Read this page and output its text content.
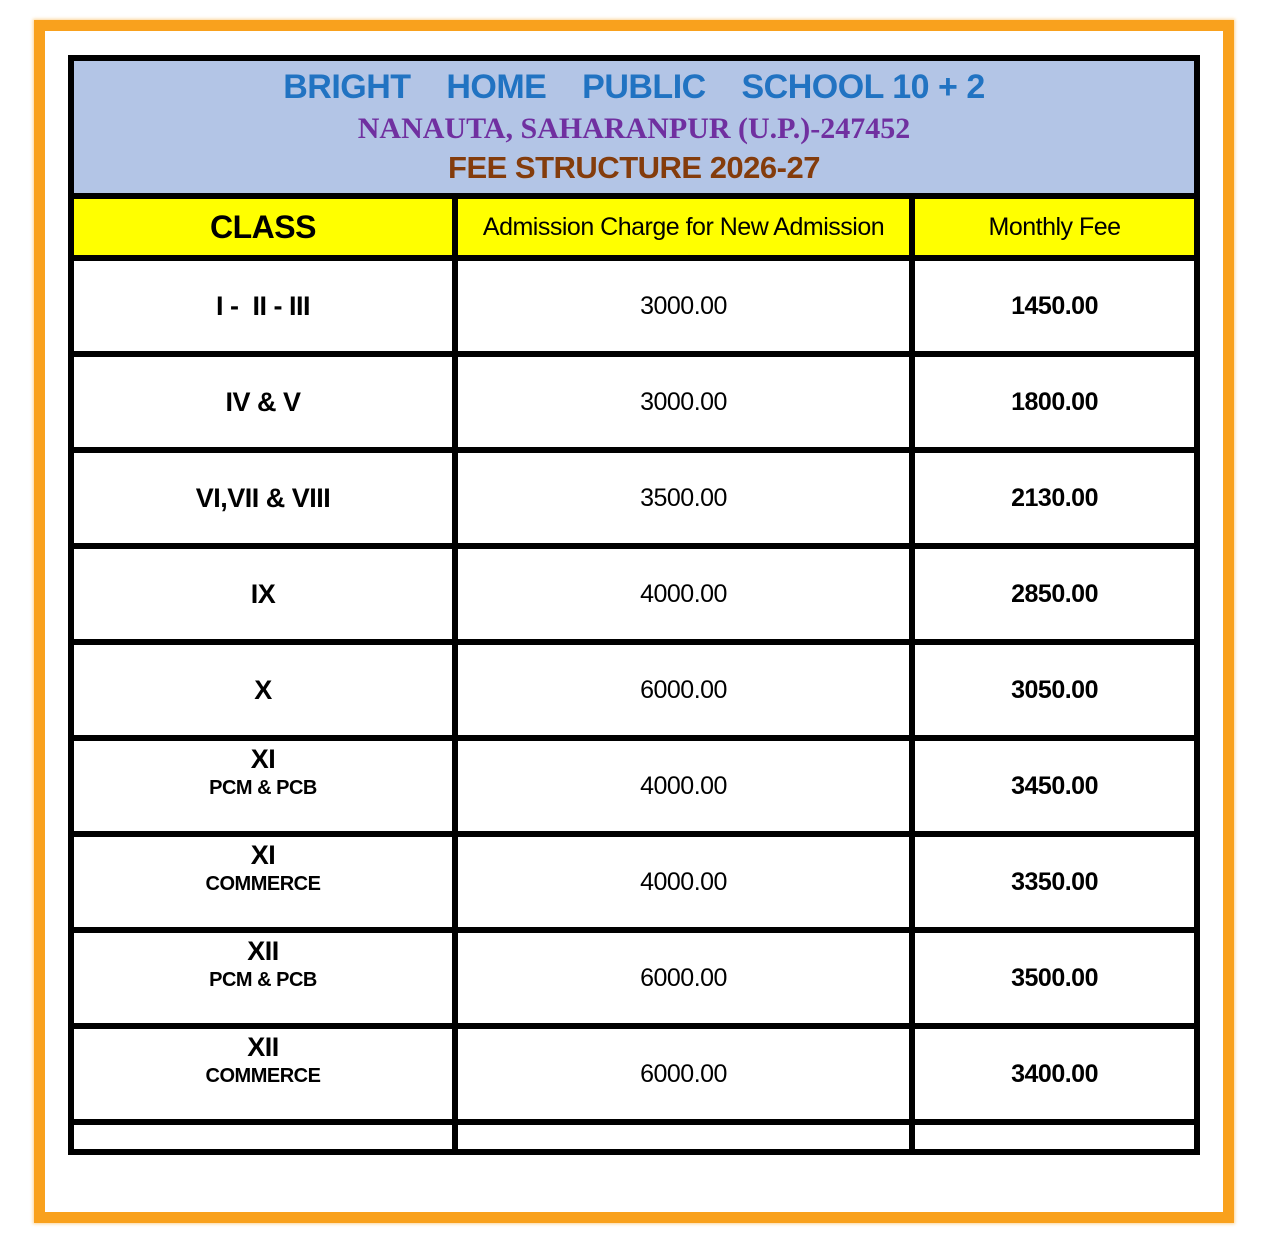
BRIGHT    HOME    PUBLIC    SCHOOL 10 + 2
NANAUTA, SAHARANPUR (U.P.)-247452
FEE STRUCTURE 2026-27		

CLASS	Admission Charge for New Admission	Monthly Fee

I -  II - III	3000.00	1450.00

IV & V	3000.00	1800.00

VI,VII & VIII	3500.00	2130.00

IX	4000.00	2850.00

X	6000.00	3050.00

XI
PCM & PCB	4000.00	3450.00

XI
COMMERCE	4000.00	3350.00

XII
PCM & PCB	6000.00	3500.00

XII
COMMERCE	6000.00	3400.00
